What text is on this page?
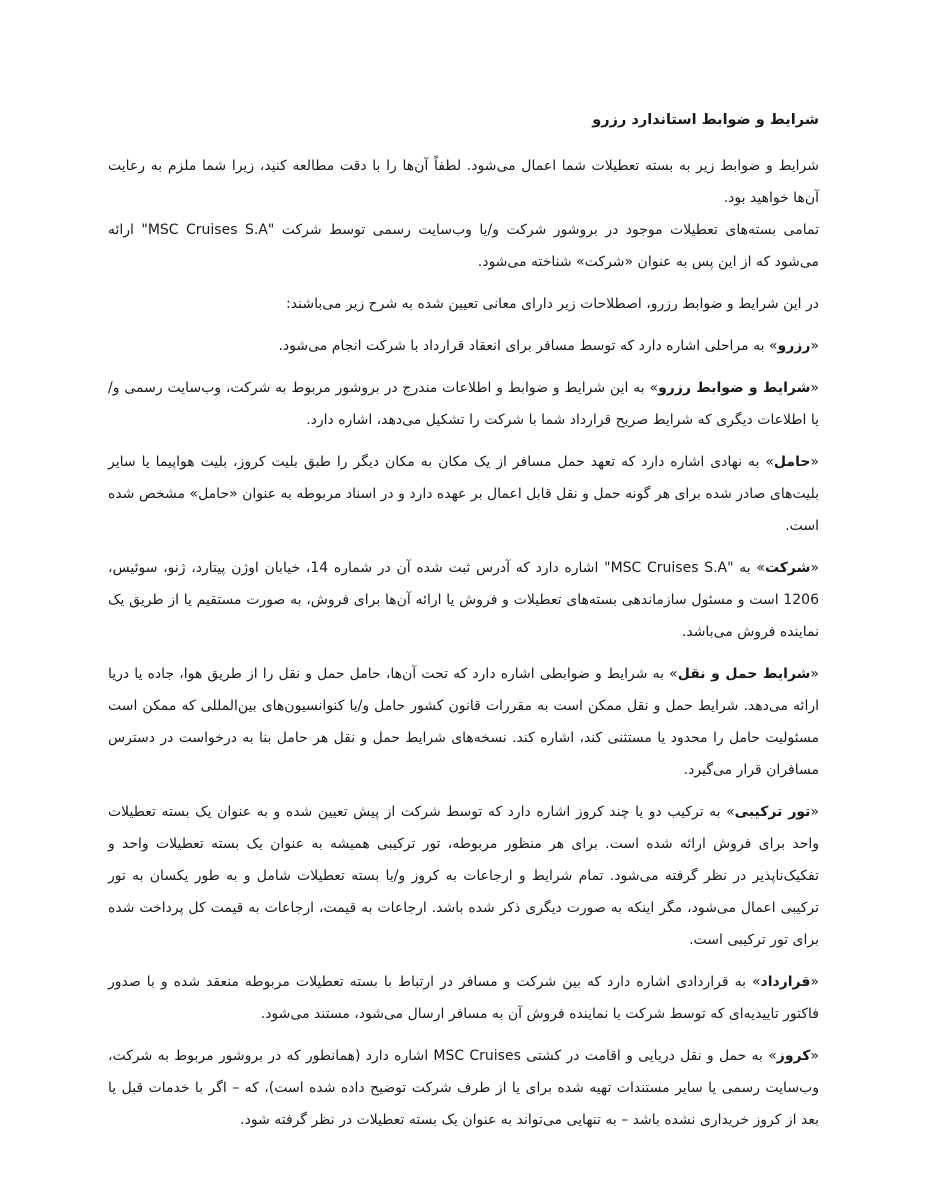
شرایط و ضوابط استاندارد رزرو

شرایط و ضوابط زیر به بسته تعطیلات شما اعمال می‌شود. لطفاً آن‌ها را با دقت مطالعه کنید، زیرا شما ملزم به رعایت آن‌ها خواهید بود.

تمامی بسته‌های تعطیلات موجود در بروشور شرکت و/یا وب‌سایت رسمی توسط شرکت "MSC Cruises S.A" ارائه می‌شود که از این پس به عنوان «شرکت» شناخته می‌شود.

در این شرایط و ضوابط رزرو، اصطلاحات زیر دارای معانی تعیین شده به شرح زیر می‌باشند:

«رزرو» به مراحلی اشاره دارد که توسط مسافر برای انعقاد قرارداد با شرکت انجام می‌شود.

«شرایط و ضوابط رزرو» به این شرایط و ضوابط و اطلاعات مندرج در بروشور مربوط به شرکت، وب‌سایت رسمی و/یا اطلاعات دیگری که شرایط صریح قرارداد شما با شرکت را تشکیل می‌دهد، اشاره دارد.

«حامل» به نهادی اشاره دارد که تعهد حمل مسافر از یک مکان به مکان دیگر را طبق بلیت کروز، بلیت هواپیما یا سایر بلیت‌های صادر شده برای هر گونه حمل و نقل قابل اعمال بر عهده دارد و در اسناد مربوطه به عنوان «حامل» مشخص شده است.

«شرکت» به "MSC Cruises S.A" اشاره دارد که آدرس ثبت شده آن در شماره 14، خیابان اوژن پیتارد، ژنو، سوئیس، 1206 است و مسئول سازماندهی بسته‌های تعطیلات و فروش یا ارائه آن‌ها برای فروش، به صورت مستقیم یا از طریق یک نماینده فروش می‌باشد.

«شرایط حمل و نقل» به شرایط و ضوابطی اشاره دارد که تحت آن‌ها، حامل حمل و نقل را از طریق هوا، جاده یا دریا ارائه می‌دهد. شرایط حمل و نقل ممکن است به مقررات قانون کشور حامل و/یا کنوانسیون‌های بین‌المللی که ممکن است مسئولیت حامل را محدود یا مستثنی کند، اشاره کند. نسخه‌های شرایط حمل و نقل هر حامل بنا به درخواست در دسترس مسافران قرار می‌گیرد.

«تور ترکیبی» به ترکیب دو یا چند کروز اشاره دارد که توسط شرکت از پیش تعیین شده و به عنوان یک بسته تعطیلات واحد برای فروش ارائه شده است. برای هر منظور مربوطه، تور ترکیبی همیشه به عنوان یک بسته تعطیلات واحد و تفکیک‌ناپذیر در نظر گرفته می‌شود. تمام شرایط و ارجاعات به کروز و/یا بسته تعطیلات شامل و به طور یکسان به تور ترکیبی اعمال می‌شود، مگر اینکه به صورت دیگری ذکر شده باشد. ارجاعات به قیمت، ارجاعات به قیمت کل پرداخت شده برای تور ترکیبی است.

«قرارداد» به قراردادی اشاره دارد که بین شرکت و مسافر در ارتباط با بسته تعطیلات مربوطه منعقد شده و با صدور فاکتور تاییدیه‌ای که توسط شرکت یا نماینده فروش آن به مسافر ارسال می‌شود، مستند می‌شود.

«کروز» به حمل و نقل دریایی و اقامت در کشتی MSC Cruises اشاره دارد (همانطور که در بروشور مربوط به شرکت، وب‌سایت رسمی یا سایر مستندات تهیه شده برای یا از طرف شرکت توضیح داده شده است)، که – اگر با خدمات قبل یا بعد از کروز خریداری نشده باشد – به تنهایی می‌تواند به عنوان یک بسته تعطیلات در نظر گرفته شود.
